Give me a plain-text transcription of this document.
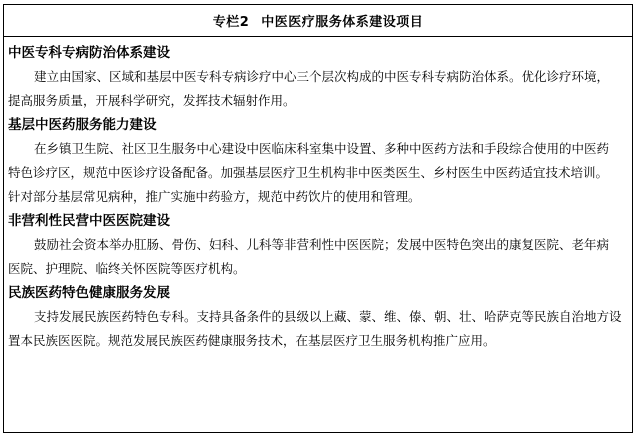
专栏2 中医医疗服务体系建设项目
中医专科专病防治体系建设
建立由国家、区域和基层中医专科专病诊疗中心三个层次构成的中医专科专病防治体系。优化诊疗环境，
提高服务质量，开展科学研究，发挥技术辐射作用。
基层中医药服务能力建设
在乡镇卫生院、社区卫生服务中心建设中医临床科室集中设置、多种中医药方法和手段综合使用的中医药
特色诊疗区，规范中医诊疗设备配备。加强基层医疗卫生机构非中医类医生、乡村医生中医药适宜技术培训。
针对部分基层常见病种，推广实施中药验方，规范中药饮片的使用和管理。
非营利性民营中医医院建设
鼓励社会资本举办肛肠、骨伤、妇科、儿科等非营利性中医医院；发展中医特色突出的康复医院、老年病
医院、护理院、临终关怀医院等医疗机构。
民族医药特色健康服务发展
支持发展民族医药特色专科。支持具备条件的县级以上藏、蒙、维、傣、朝、壮、哈萨克等民族自治地方设
置本民族医医院。规范发展民族医药健康服务技术，在基层医疗卫生服务机构推广应用。
